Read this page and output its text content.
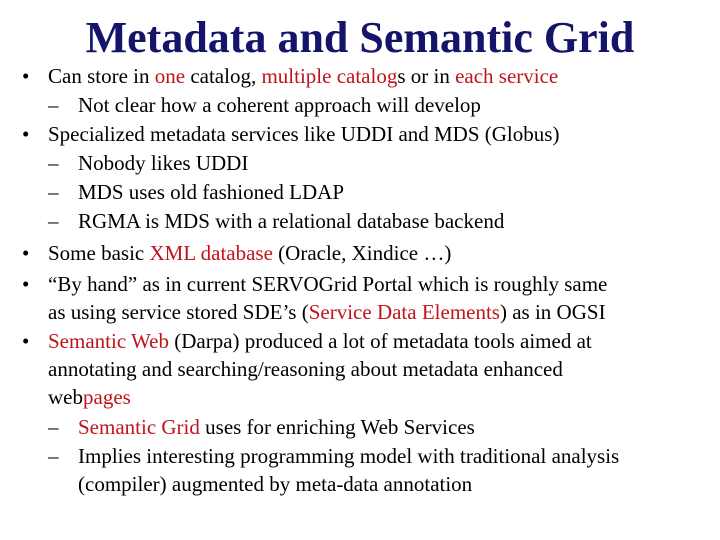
Metadata and Semantic Grid
• Can store in one catalog, multiple catalogs or in each service
– Not clear how a coherent approach will develop
• Specialized metadata services like UDDI and MDS (Globus)
– Nobody likes UDDI
– MDS uses old fashioned LDAP
– RGMA is MDS with a relational database backend
• Some basic XML database (Oracle, Xindice …)
• “By hand” as in current SERVOGrid Portal which is roughly same
as using service stored SDE’s (Service Data Elements) as in OGSI
• Semantic Web (Darpa) produced a lot of metadata tools aimed at
annotating and searching/reasoning about metadata enhanced
webpages
– Semantic Grid uses for enriching Web Services
– Implies interesting programming model with traditional analysis
(compiler) augmented by meta-data annotation
